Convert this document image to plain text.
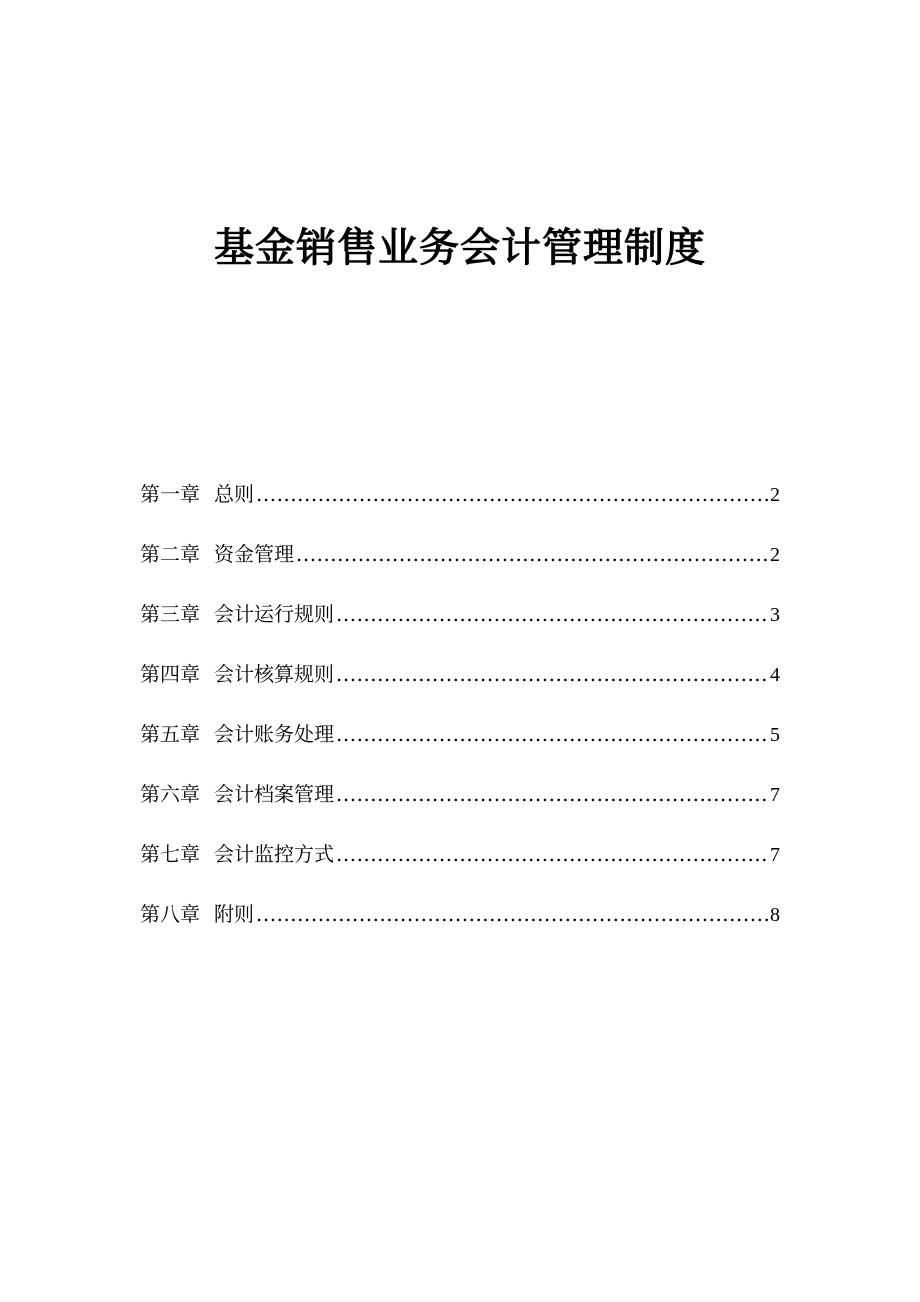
基金销售业务会计管理制度
第一章 总则 .....	2
第二章 资金管理 .....	2
第三章 会计运行规则 .....	3
第四章 会计核算规则 .....	4
第五章 会计账务处理 .....	5
第六章 会计档案管理 .....	7
第七章 会计监控方式 .....	7
第八章 附则 .....	8
